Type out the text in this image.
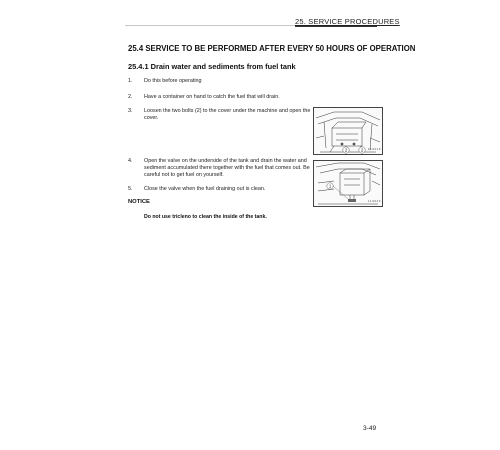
25. SERVICE PROCEDURES
25.4 SERVICE TO BE PERFORMED AFTER EVERY 50 HOURS OF OPERATION
25.4.1 Drain water and sediments from fuel tank
1. Do this before operating
2. Have a container on hand to catch the fuel that will drain.
3. Loosen the two bolts (2) to the cover under the machine and open the cover.
4. Open the valve on the underside of the tank and drain the water and sediment accumulated there together with the fuel that comes out. Be careful not to get fuel on yourself.
5. Close the valve when the fuel draining out is clean.
NOTICE
Do not use tricleno to clean the inside of the tank.
2	2 1 1 9 0 1 9
1
1 1 9 0 2 0
3-49
